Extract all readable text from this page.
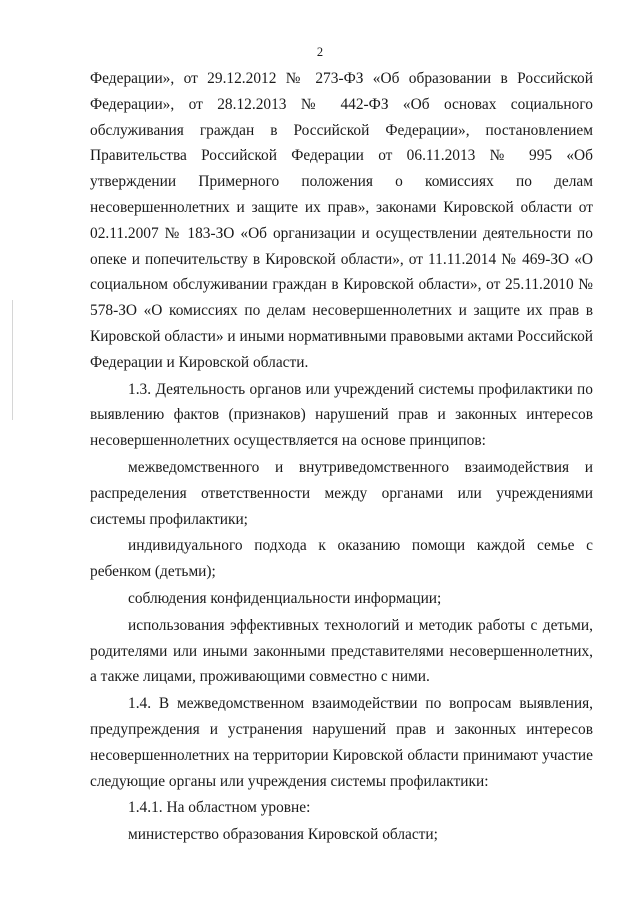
2

Федерации», от 29.12.2012 № 273-ФЗ «Об образовании в Российской Федерации», от 28.12.2013 № 442-ФЗ «Об основах социального обслуживания граждан в Российской Федерации», постановлением Правительства Российской Федерации от 06.11.2013 № 995 «Об утверждении Примерного положения о комиссиях по делам несовершеннолетних и защите их прав», законами Кировской области от 02.11.2007 № 183-ЗО «Об организации и осуществлении деятельности по опеке и попечительству в Кировской области», от 11.11.2014 № 469-ЗО «О социальном обслуживании граждан в Кировской области», от 25.11.2010 № 578-ЗО «О комиссиях по делам несовершеннолетних и защите их прав в Кировской области» и иными нормативными правовыми актами Российской Федерации и Кировской области.

1.3. Деятельность органов или учреждений системы профилактики по выявлению фактов (признаков) нарушений прав и законных интересов несовершеннолетних осуществляется на основе принципов:

межведомственного и внутриведомственного взаимодействия и распределения ответственности между органами или учреждениями системы профилактики;

индивидуального подхода к оказанию помощи каждой семье с ребенком (детьми);

соблюдения конфиденциальности информации;

использования эффективных технологий и методик работы с детьми, родителями или иными законными представителями несовершеннолетних, а также лицами, проживающими совместно с ними.

1.4. В межведомственном взаимодействии по вопросам выявления, предупреждения и устранения нарушений прав и законных интересов несовершеннолетних на территории Кировской области принимают участие следующие органы или учреждения системы профилактики:

1.4.1. На областном уровне:

министерство образования Кировской области;
